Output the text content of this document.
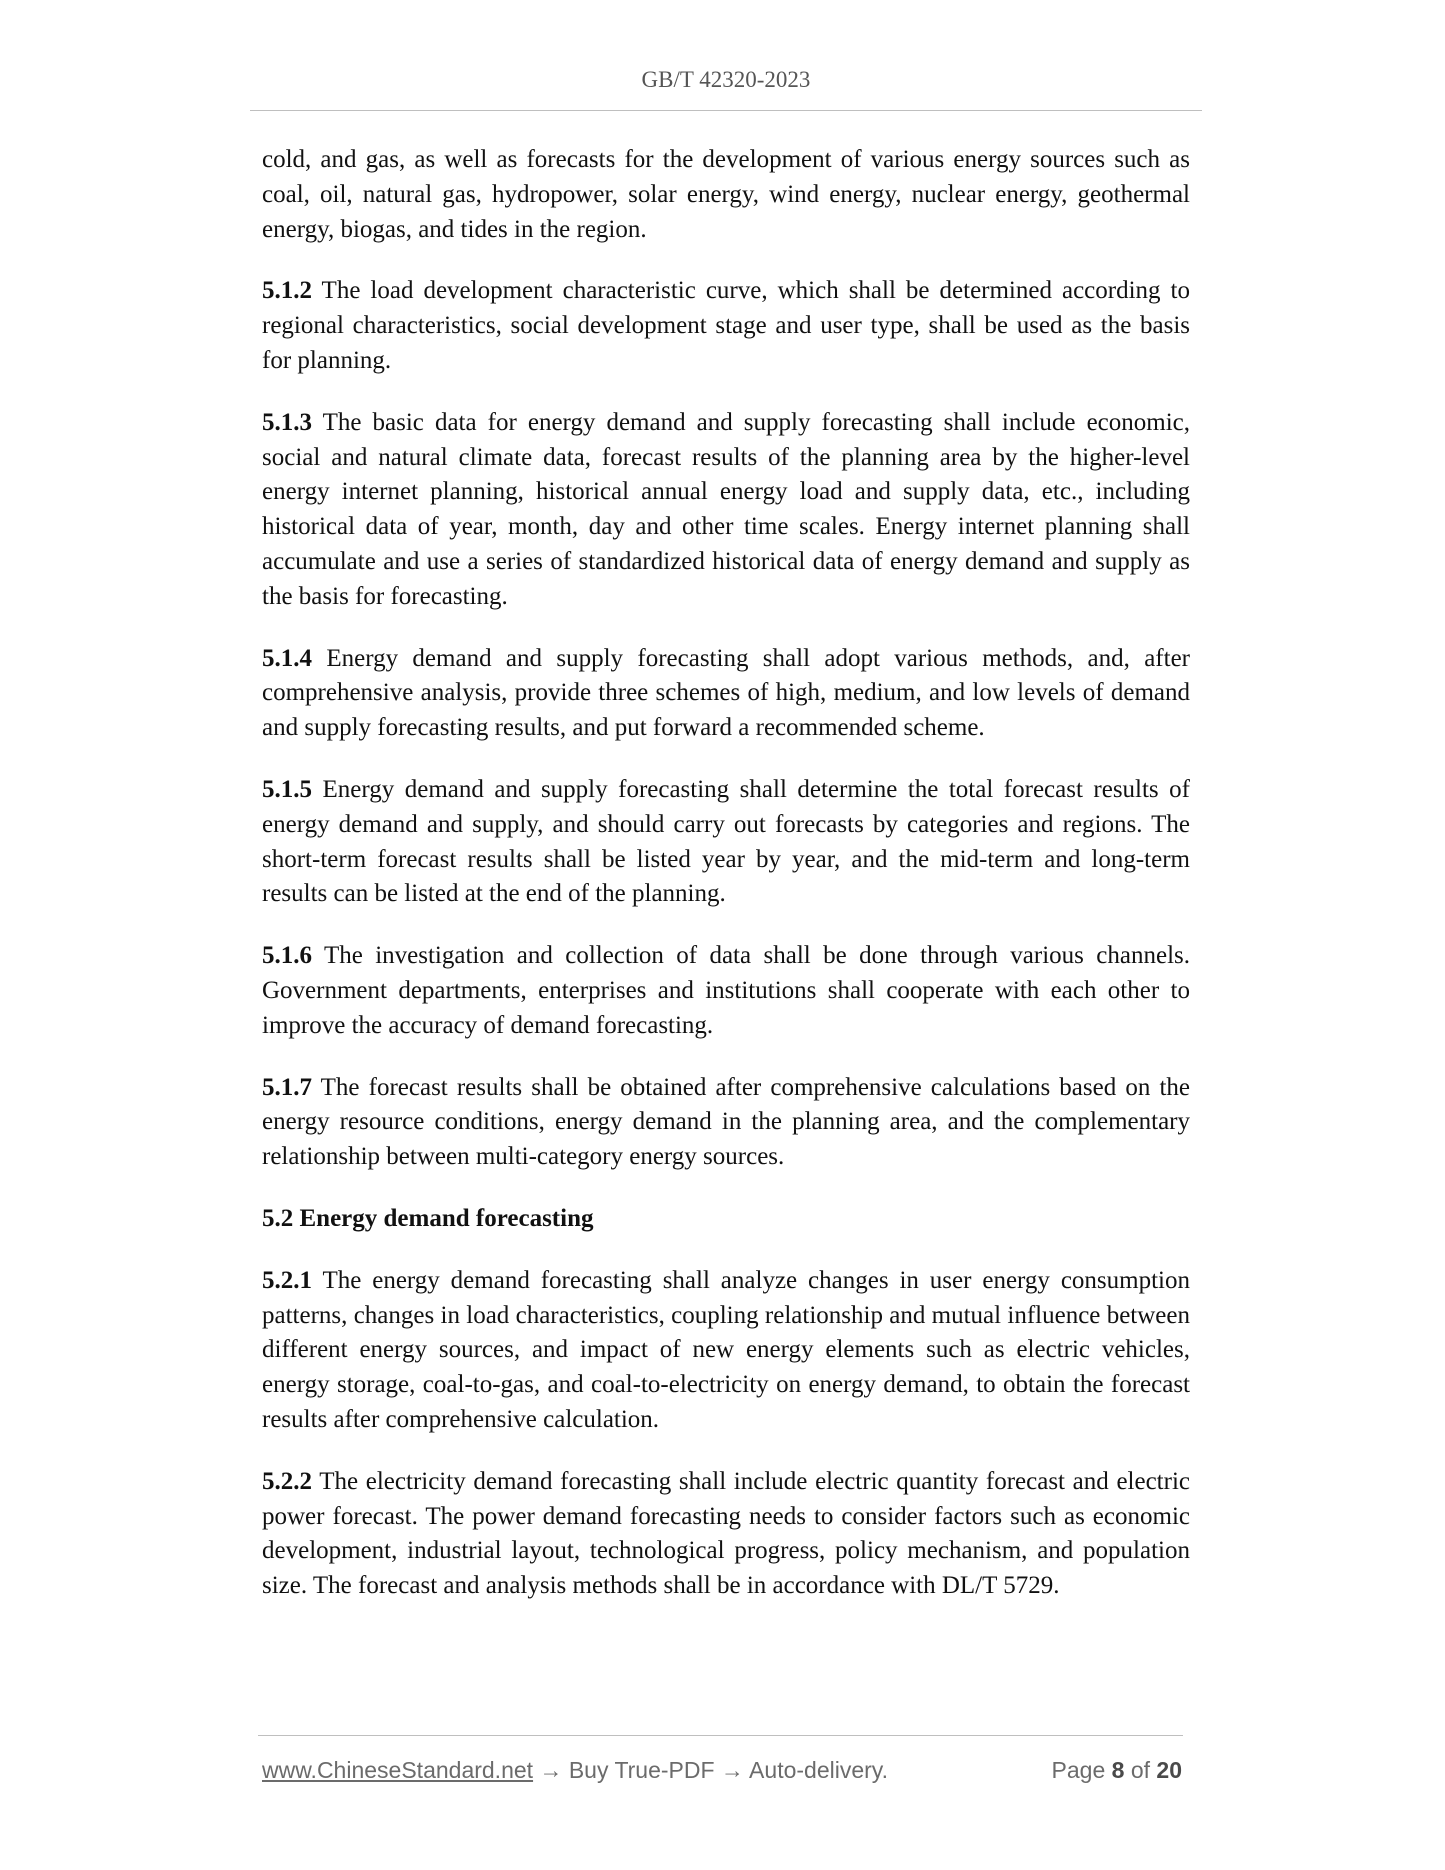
GB/T 42320-2023

cold, and gas, as well as forecasts for the development of various energy sources such as coal, oil, natural gas, hydropower, solar energy, wind energy, nuclear energy, geothermal energy, biogas, and tides in the region.

5.1.2 The load development characteristic curve, which shall be determined according to regional characteristics, social development stage and user type, shall be used as the basis for planning.

5.1.3 The basic data for energy demand and supply forecasting shall include economic, social and natural climate data, forecast results of the planning area by the higher-level energy internet planning, historical annual energy load and supply data, etc., including historical data of year, month, day and other time scales. Energy internet planning shall accumulate and use a series of standardized historical data of energy demand and supply as the basis for forecasting.

5.1.4 Energy demand and supply forecasting shall adopt various methods, and, after comprehensive analysis, provide three schemes of high, medium, and low levels of demand and supply forecasting results, and put forward a recommended scheme.

5.1.5 Energy demand and supply forecasting shall determine the total forecast results of energy demand and supply, and should carry out forecasts by categories and regions. The short-term forecast results shall be listed year by year, and the mid-term and long-term results can be listed at the end of the planning.

5.1.6 The investigation and collection of data shall be done through various channels. Government departments, enterprises and institutions shall cooperate with each other to improve the accuracy of demand forecasting.

5.1.7 The forecast results shall be obtained after comprehensive calculations based on the energy resource conditions, energy demand in the planning area, and the complementary relationship between multi-category energy sources.

5.2 Energy demand forecasting

5.2.1 The energy demand forecasting shall analyze changes in user energy consumption patterns, changes in load characteristics, coupling relationship and mutual influence between different energy sources, and impact of new energy elements such as electric vehicles, energy storage, coal-to-gas, and coal-to-electricity on energy demand, to obtain the forecast results after comprehensive calculation.

5.2.2 The electricity demand forecasting shall include electric quantity forecast and electric power forecast. The power demand forecasting needs to consider factors such as economic development, industrial layout, technological progress, policy mechanism, and population size. The forecast and analysis methods shall be in accordance with DL/T 5729.

www.ChineseStandard.net → Buy True-PDF → Auto-delivery.	Page 8 of 20
